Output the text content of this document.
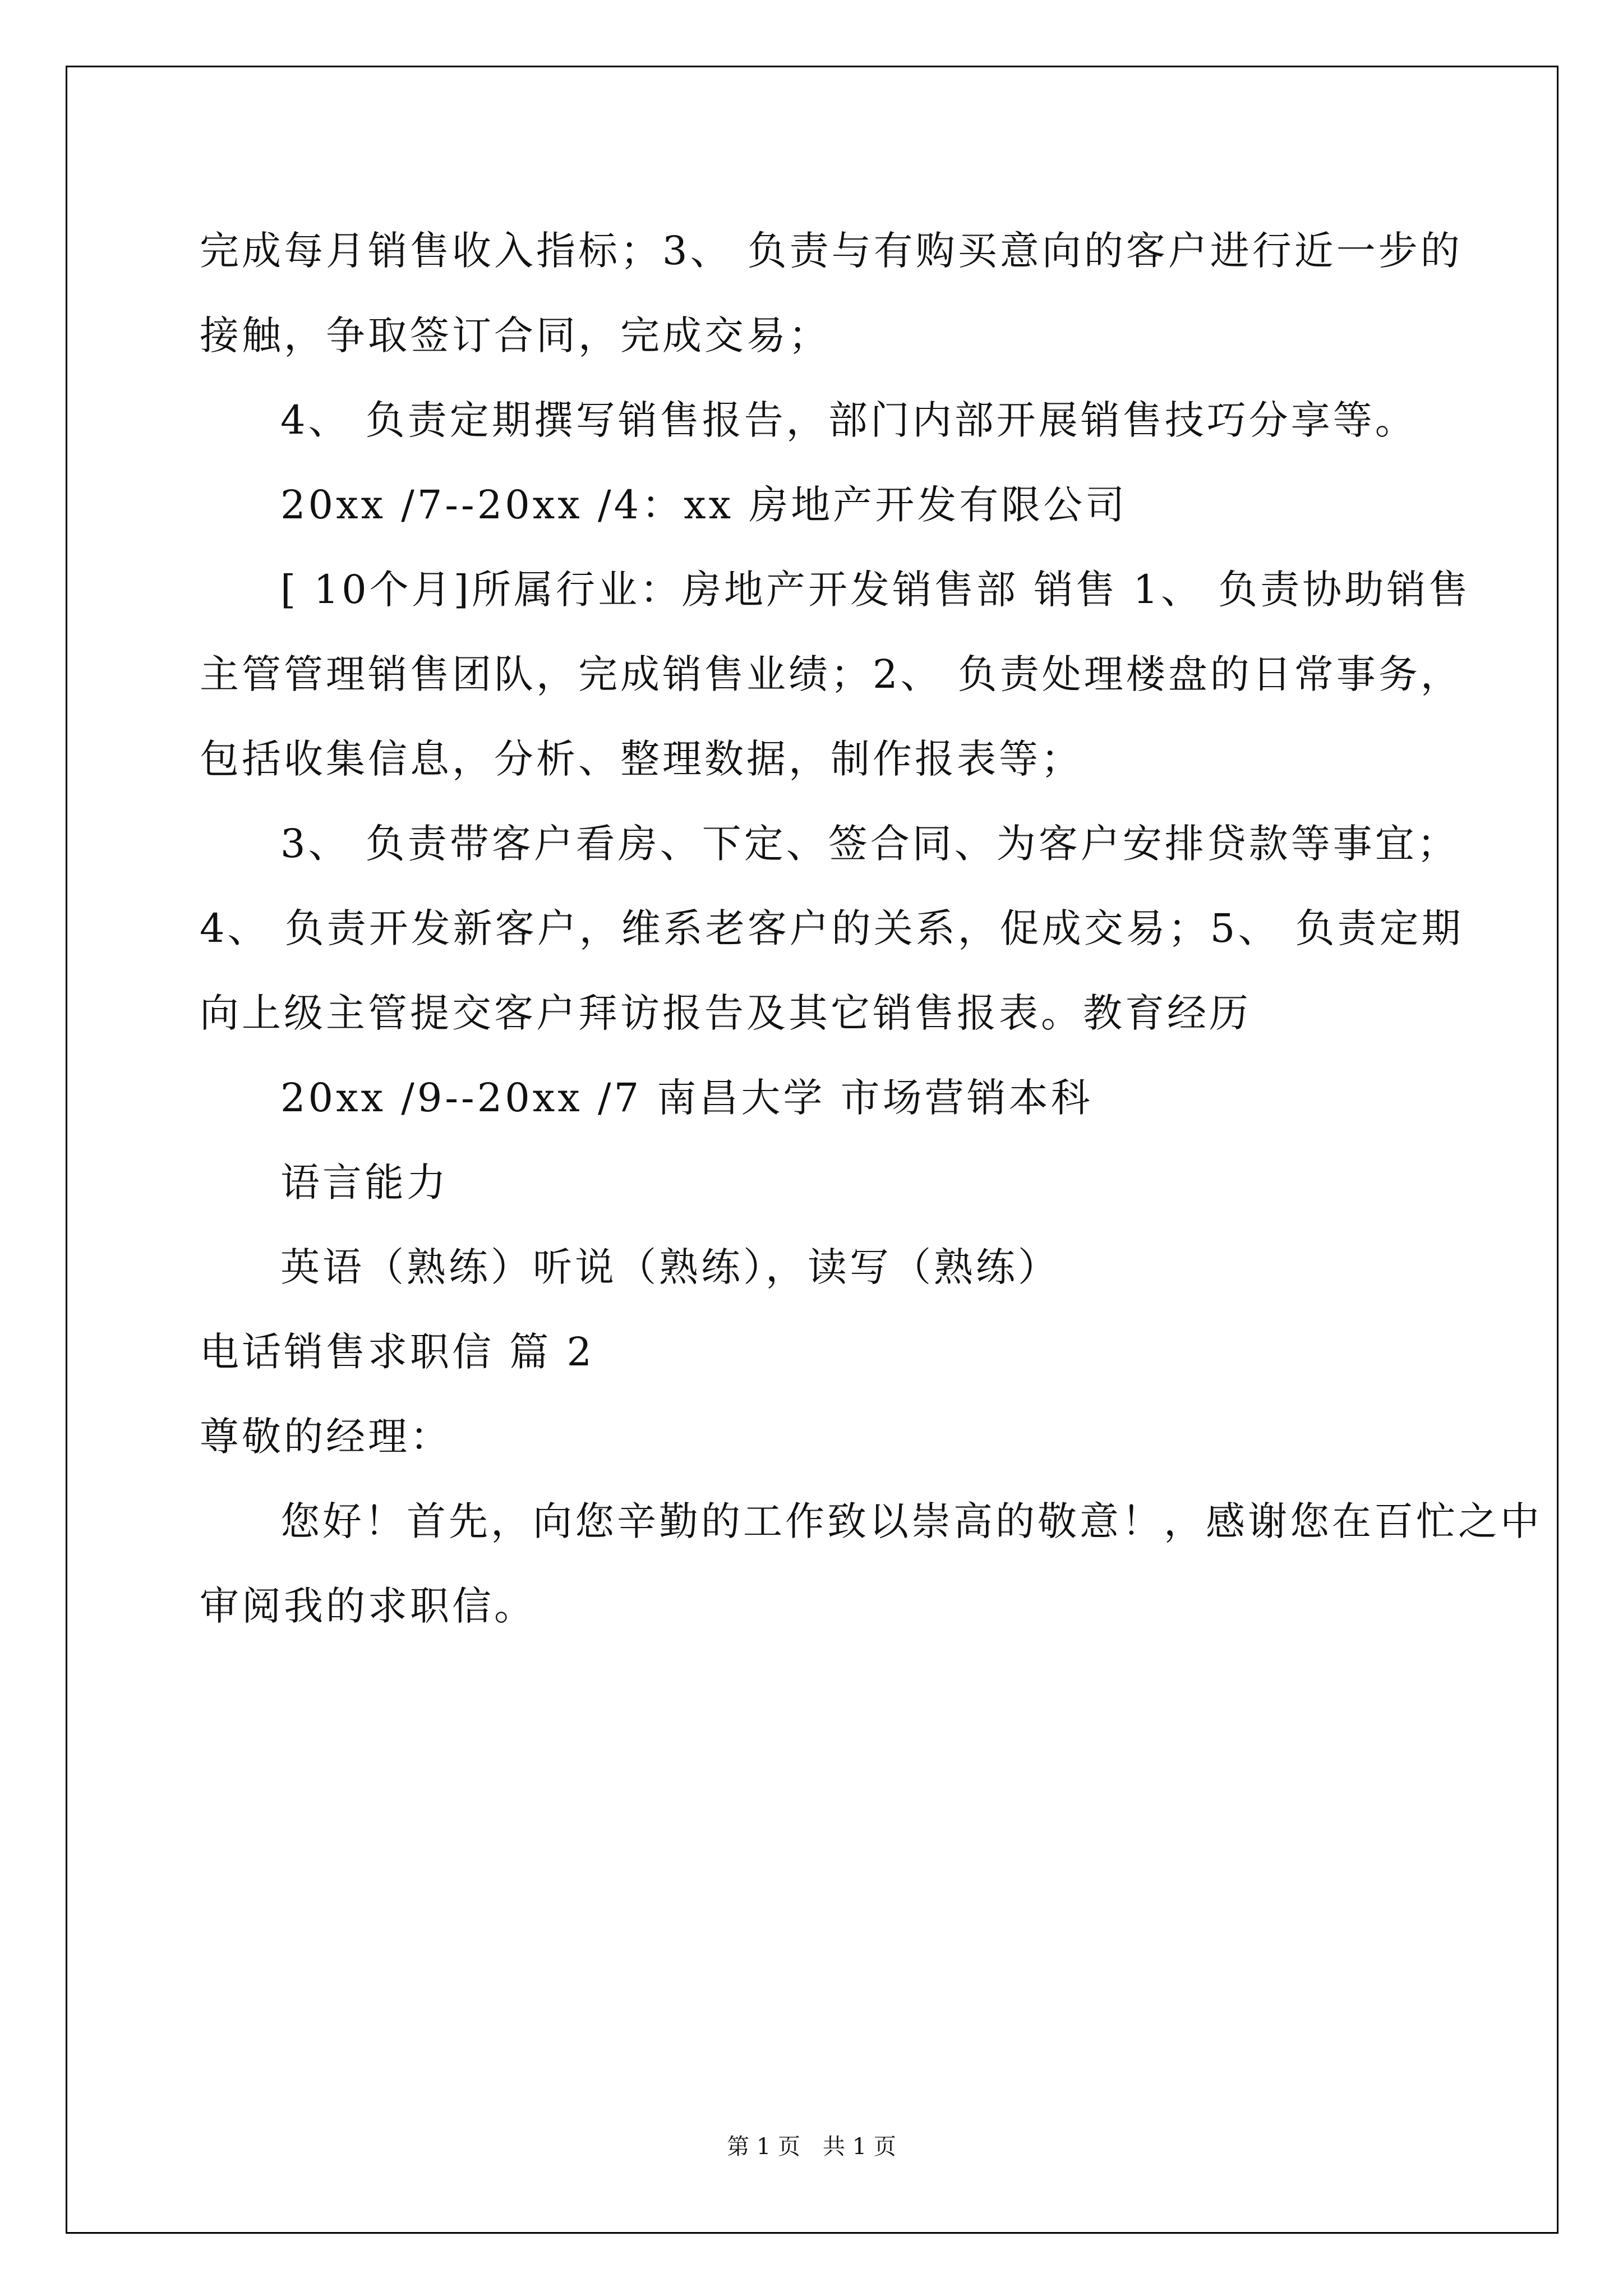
完成每月销售收入指标；3、 负责与有购买意向的客户进行近一步的
接触，争取签订合同，完成交易；
4、 负责定期撰写销售报告，部门内部开展销售技巧分享等。
20xx /7--20xx /4：xx 房地产开发有限公司
[ 10个月]所属行业：房地产开发销售部 销售 1、 负责协助销售
主管管理销售团队，完成销售业绩；2、 负责处理楼盘的日常事务，
包括收集信息，分析、整理数据，制作报表等；
3、 负责带客户看房、下定、签合同、为客户安排贷款等事宜；
4、 负责开发新客户，维系老客户的关系，促成交易；5、 负责定期
向上级主管提交客户拜访报告及其它销售报表。教育经历
20xx /9--20xx /7 南昌大学 市场营销本科
语言能力
英语（熟练）听说（熟练），读写（熟练）
电话销售求职信 篇 2
尊敬的经理：
您好！首先，向您辛勤的工作致以崇高的敬意！，感谢您在百忙之中
审阅我的求职信。
第 1 页　共 1 页
